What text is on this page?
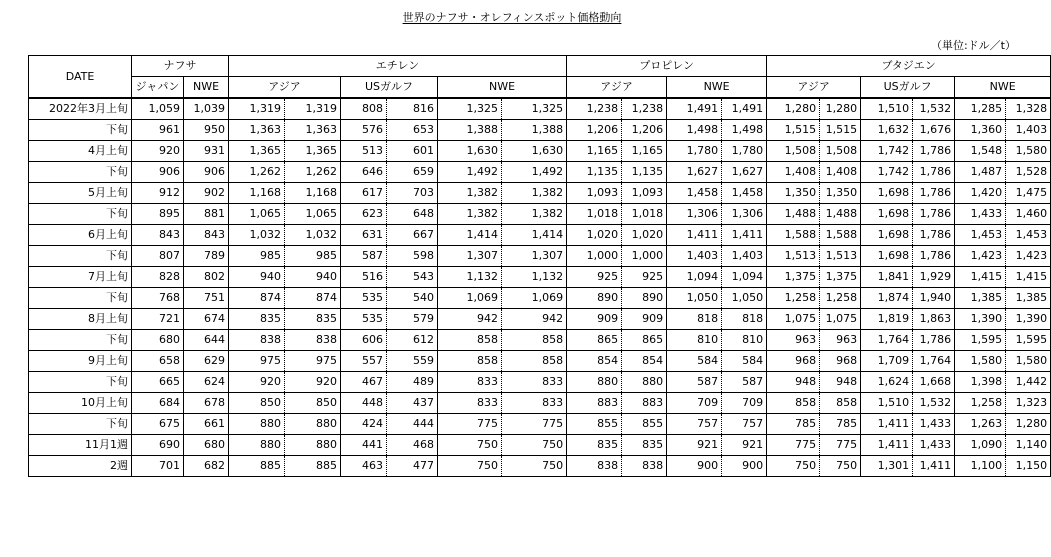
世界のナフサ・オレフィンスポット価格動向
（単位:ドル／t）
DATE	ナフサ		エチレン						プロピレン				ブタジエン					
	ジャパン	NWE	アジア		USガルフ		NWE		アジア		NWE		アジア		USガルフ		NWE	
2022年3月上旬	1,059	1,039	1,319	1,319	808	816	1,325	1,325	1,238	1,238	1,491	1,491	1,280	1,280	1,510	1,532	1,285	1,328
下旬	961	950	1,363	1,363	576	653	1,388	1,388	1,206	1,206	1,498	1,498	1,515	1,515	1,632	1,676	1,360	1,403
4月上旬	920	931	1,365	1,365	513	601	1,630	1,630	1,165	1,165	1,780	1,780	1,508	1,508	1,742	1,786	1,548	1,580
下旬	906	906	1,262	1,262	646	659	1,492	1,492	1,135	1,135	1,627	1,627	1,408	1,408	1,742	1,786	1,487	1,528
5月上旬	912	902	1,168	1,168	617	703	1,382	1,382	1,093	1,093	1,458	1,458	1,350	1,350	1,698	1,786	1,420	1,475
下旬	895	881	1,065	1,065	623	648	1,382	1,382	1,018	1,018	1,306	1,306	1,488	1,488	1,698	1,786	1,433	1,460
6月上旬	843	843	1,032	1,032	631	667	1,414	1,414	1,020	1,020	1,411	1,411	1,588	1,588	1,698	1,786	1,453	1,453
下旬	807	789	985	985	587	598	1,307	1,307	1,000	1,000	1,403	1,403	1,513	1,513	1,698	1,786	1,423	1,423
7月上旬	828	802	940	940	516	543	1,132	1,132	925	925	1,094	1,094	1,375	1,375	1,841	1,929	1,415	1,415
下旬	768	751	874	874	535	540	1,069	1,069	890	890	1,050	1,050	1,258	1,258	1,874	1,940	1,385	1,385
8月上旬	721	674	835	835	535	579	942	942	909	909	818	818	1,075	1,075	1,819	1,863	1,390	1,390
下旬	680	644	838	838	606	612	858	858	865	865	810	810	963	963	1,764	1,786	1,595	1,595
9月上旬	658	629	975	975	557	559	858	858	854	854	584	584	968	968	1,709	1,764	1,580	1,580
下旬	665	624	920	920	467	489	833	833	880	880	587	587	948	948	1,624	1,668	1,398	1,442
10月上旬	684	678	850	850	448	437	833	833	883	883	709	709	858	858	1,510	1,532	1,258	1,323
下旬	675	661	880	880	424	444	775	775	855	855	757	757	785	785	1,411	1,433	1,263	1,280
11月1週	690	680	880	880	441	468	750	750	835	835	921	921	775	775	1,411	1,433	1,090	1,140
2週	701	682	885	885	463	477	750	750	838	838	900	900	750	750	1,301	1,411	1,100	1,150
